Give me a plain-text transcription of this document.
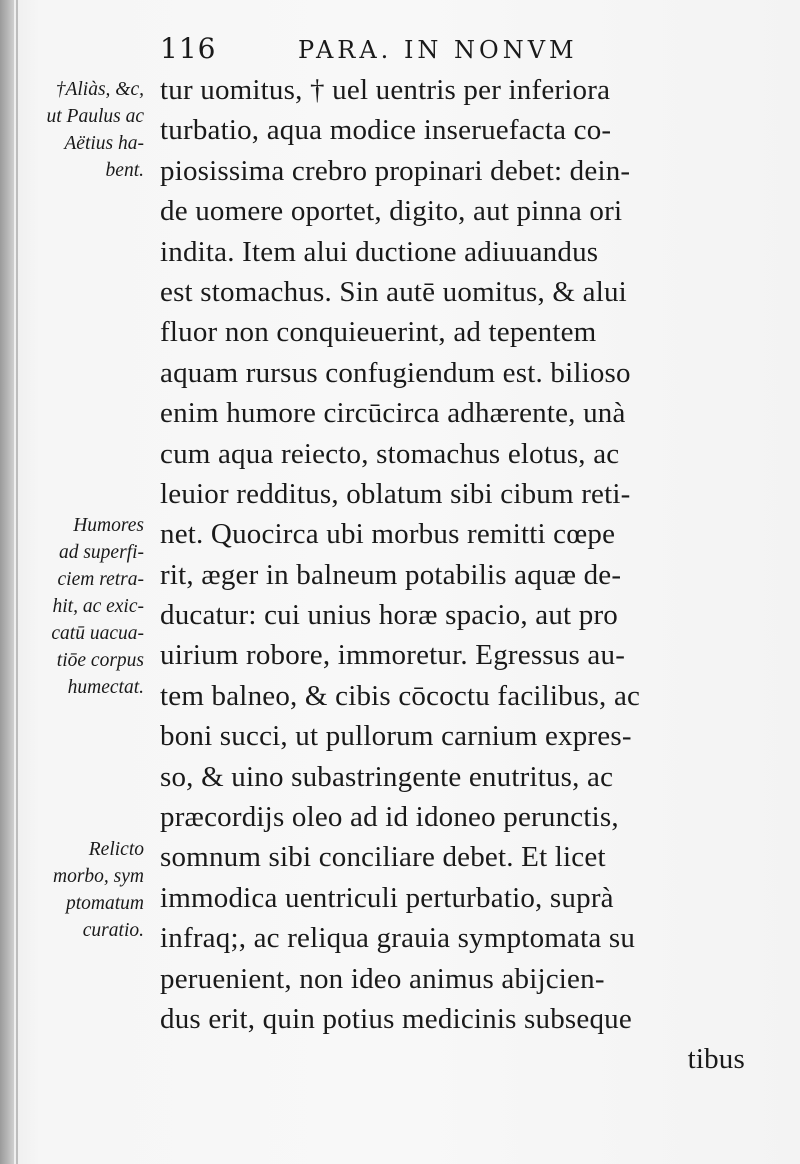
116	PARA. IN NONVM
†Aliàs, &c,
ut Paulus ac
Aëtius ha-
bent.
Humores
ad superfi-
ciem retra-
hit, ac exic-
catū uacua-
tiōe corpus
humectat.
Relicto
morbo, sym
ptomatum
curatio.
tur uomitus, † uel uentris per inferiora
turbatio, aqua modice inseruefacta co-
piosissima crebro propinari debet: dein-
de uomere oportet, digito, aut pinna ori
indita. Item alui ductione adiuuandus
est stomachus. Sin autē uomitus, & alui
fluor non conquieuerint, ad tepentem
aquam rursus confugiendum est. bilioso
enim humore circūcirca adhærente, unà
cum aqua reiecto, stomachus elotus, ac
leuior redditus, oblatum sibi cibum reti-
net. Quocirca ubi morbus remitti cœpe
rit, æger in balneum potabilis aquæ de-
ducatur: cui unius horæ spacio, aut pro
uirium robore, immoretur. Egressus au-
tem balneo, & cibis cōcoctu facilibus, ac
boni succi, ut pullorum carnium expres-
so, & uino subastringente enutritus, ac
præcordijs oleo ad id idoneo perunctis,
somnum sibi conciliare debet. Et licet
immodica uentriculi perturbatio, suprà
infraq;, ac reliqua grauia symptomata su
peruenient, non ideo animus abijcien-
dus erit, quin potius medicinis subseque
tibus
